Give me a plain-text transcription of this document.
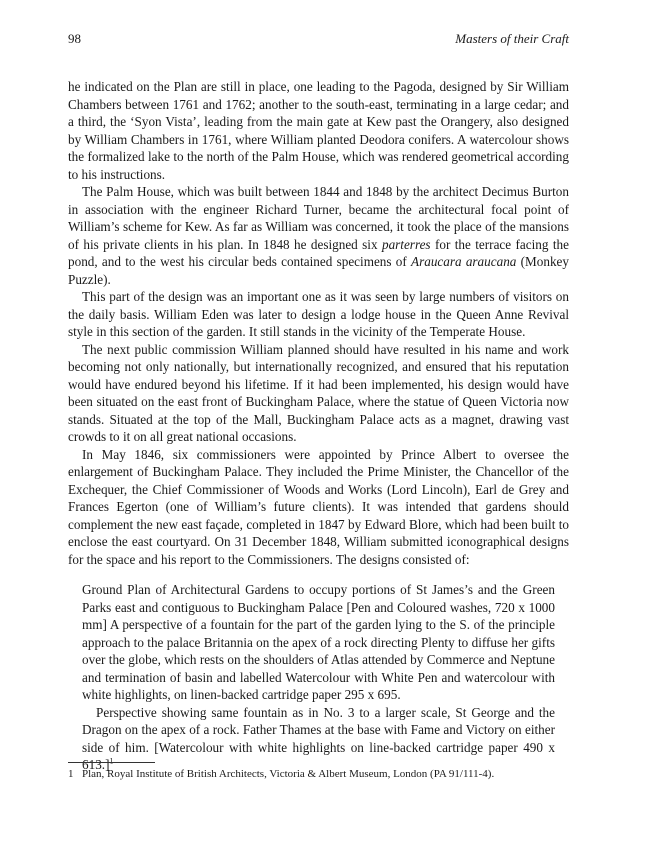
98	Masters of their Craft

he indicated on the Plan are still in place, one leading to the Pagoda, designed by Sir William Chambers between 1761 and 1762; another to the south-east, terminating in a large cedar; and a third, the ‘Syon Vista’, leading from the main gate at Kew past the Orangery, also designed by William Chambers in 1761, where William planted Deodora conifers. A watercolour shows the formalized lake to the north of the Palm House, which was rendered geometrical according to his instructions.

The Palm House, which was built between 1844 and 1848 by the architect Decimus Burton in association with the engineer Richard Turner, became the architectural focal point of William’s scheme for Kew. As far as William was concerned, it took the place of the mansions of his private clients in his plan. In 1848 he designed six parterres for the terrace facing the pond, and to the west his circular beds contained specimens of Araucara araucana (Monkey Puzzle).

This part of the design was an important one as it was seen by large numbers of visitors on the daily basis. William Eden was later to design a lodge house in the Queen Anne Revival style in this section of the garden. It still stands in the vicinity of the Temperate House.

The next public commission William planned should have resulted in his name and work becoming not only nationally, but internationally recognized, and ensured that his reputation would have endured beyond his lifetime. If it had been implemented, his design would have been situated on the east front of Buckingham Palace, where the statue of Queen Victoria now stands. Situated at the top of the Mall, Buckingham Palace acts as a magnet, drawing vast crowds to it on all great national occasions.

In May 1846, six commissioners were appointed by Prince Albert to oversee the enlargement of Buckingham Palace. They included the Prime Minister, the Chancellor of the Exchequer, the Chief Commissioner of Woods and Works (Lord Lincoln), Earl de Grey and Frances Egerton (one of William’s future clients). It was intended that gardens should complement the new east façade, completed in 1847 by Edward Blore, which had been built to enclose the east courtyard. On 31 December 1848, William submitted iconographical designs for the space and his report to the Commissioners. The designs consisted of:

Ground Plan of Architectural Gardens to occupy portions of St James’s and the Green Parks east and contiguous to Buckingham Palace [Pen and Coloured washes, 720 x 1000 mm] A perspective of a fountain for the part of the garden lying to the S. of the principle approach to the palace Britannia on the apex of a rock directing Plenty to diffuse her gifts over the globe, which rests on the shoulders of Atlas attended by Commerce and Neptune and termination of basin and labelled Watercolour with White Pen and watercolour with white highlights, on linen-backed cartridge paper 295 x 695.

Perspective showing same fountain as in No. 3 to a larger scale, St George and the Dragon on the apex of a rock. Father Thames at the base with Fame and Victory on either side of him. [Watercolour with white highlights on line-backed cartridge paper 490 x 613.]$^1$

1 Plan, Royal Institute of British Architects, Victoria & Albert Museum, London (PA 91/111-4).
